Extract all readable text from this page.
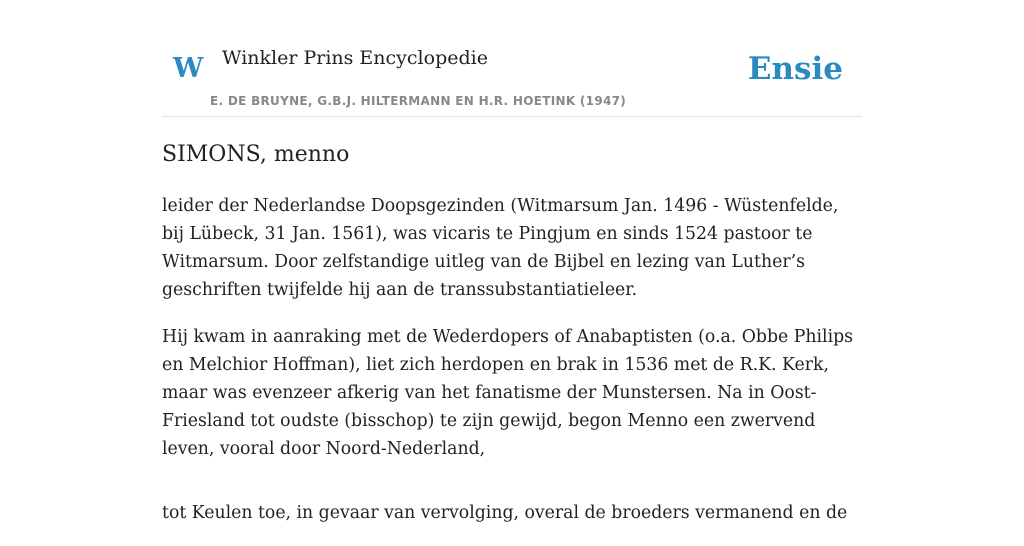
W Winkler Prins Encyclopedie
E. DE BRUYNE, G.B.J. HILTERMANN EN H.R. HOETINK (1947)
Ensie
SIMONS, menno

leider der Nederlandse Doopsgezinden (Witmarsum Jan. 1496 - Wüstenfelde, bij Lübeck, 31 Jan. 1561), was vicaris te Pingjum en sinds 1524 pastoor te Witmarsum. Door zelfstandige uitleg van de Bijbel en lezing van Luther’s geschriften twijfelde hij aan de transsubstantiatieleer.

Hij kwam in aanraking met de Wederdopers of Anabaptisten (o.a. Obbe Philips en Melchior Hoffman), liet zich herdopen en brak in 1536 met de R.K. Kerk, maar was evenzeer afkerig van het fanatisme der Munstersen. Na in Oost-Friesland tot oudste (bisschop) te zijn gewijd, begon Menno een zwervend leven, vooral door Noord-Nederland,

tot Keulen toe, in gevaar van vervolging, overal de broeders vermanend en de
